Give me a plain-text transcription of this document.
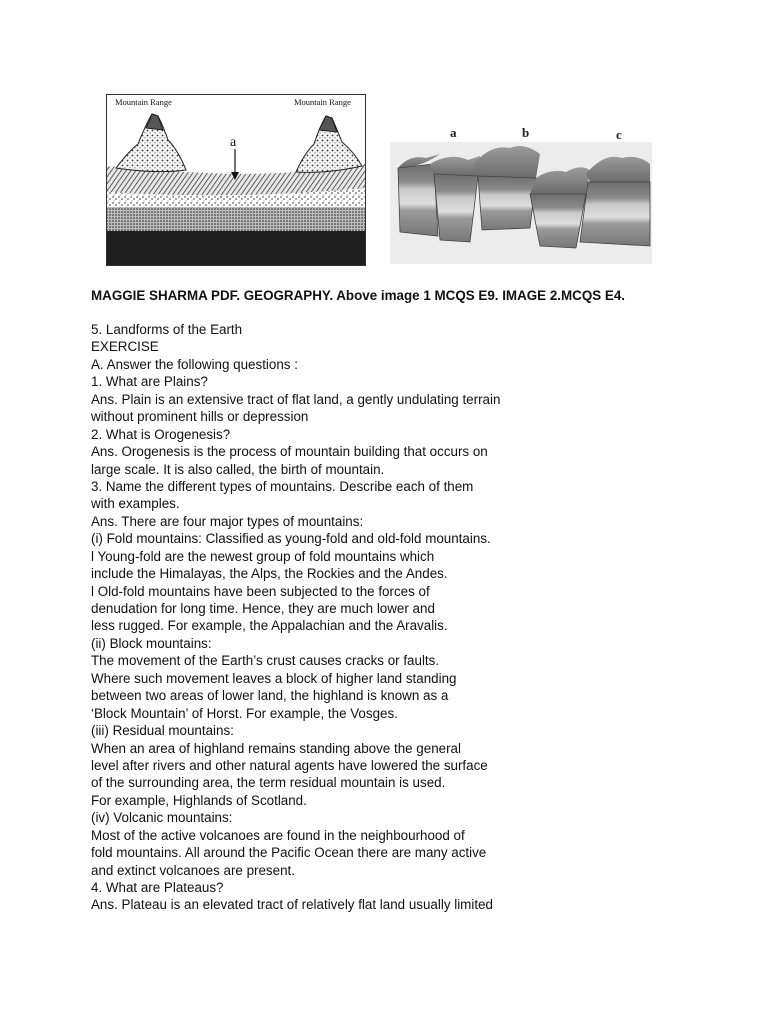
Mountain Range	Mountain Range
a
a	b	c
MAGGIE SHARMA PDF. GEOGRAPHY. Above image 1 MCQS E9. IMAGE 2.MCQS E4.
5. Landforms of the Earth
EXERCISE
A. Answer the following questions :
1. What are Plains?
Ans. Plain is an extensive tract of flat land, a gently undulating terrain
without prominent hills or depression
2. What is Orogenesis?
Ans. Orogenesis is the process of mountain building that occurs on
large scale. It is also called, the birth of mountain.
3. Name the different types of mountains. Describe each of them
with examples.
Ans. There are four major types of mountains:
(i) Fold mountains: Classified as young-fold and old-fold mountains.
l Young-fold are the newest group of fold mountains which
include the Himalayas, the Alps, the Rockies and the Andes.
l Old-fold mountains have been subjected to the forces of
denudation for long time. Hence, they are much lower and
less rugged. For example, the Appalachian and the Aravalis.
(ii) Block mountains:
The movement of the Earth’s crust causes cracks or faults.
Where such movement leaves a block of higher land standing
between two areas of lower land, the highland is known as a
‘Block Mountain’ of Horst. For example, the Vosges.
(iii) Residual mountains:
When an area of highland remains standing above the general
level after rivers and other natural agents have lowered the surface
of the surrounding area, the term residual mountain is used.
For example, Highlands of Scotland.
(iv) Volcanic mountains:
Most of the active volcanoes are found in the neighbourhood of
fold mountains. All around the Pacific Ocean there are many active
and extinct volcanoes are present.
4. What are Plateaus?
Ans. Plateau is an elevated tract of relatively flat land usually limited
